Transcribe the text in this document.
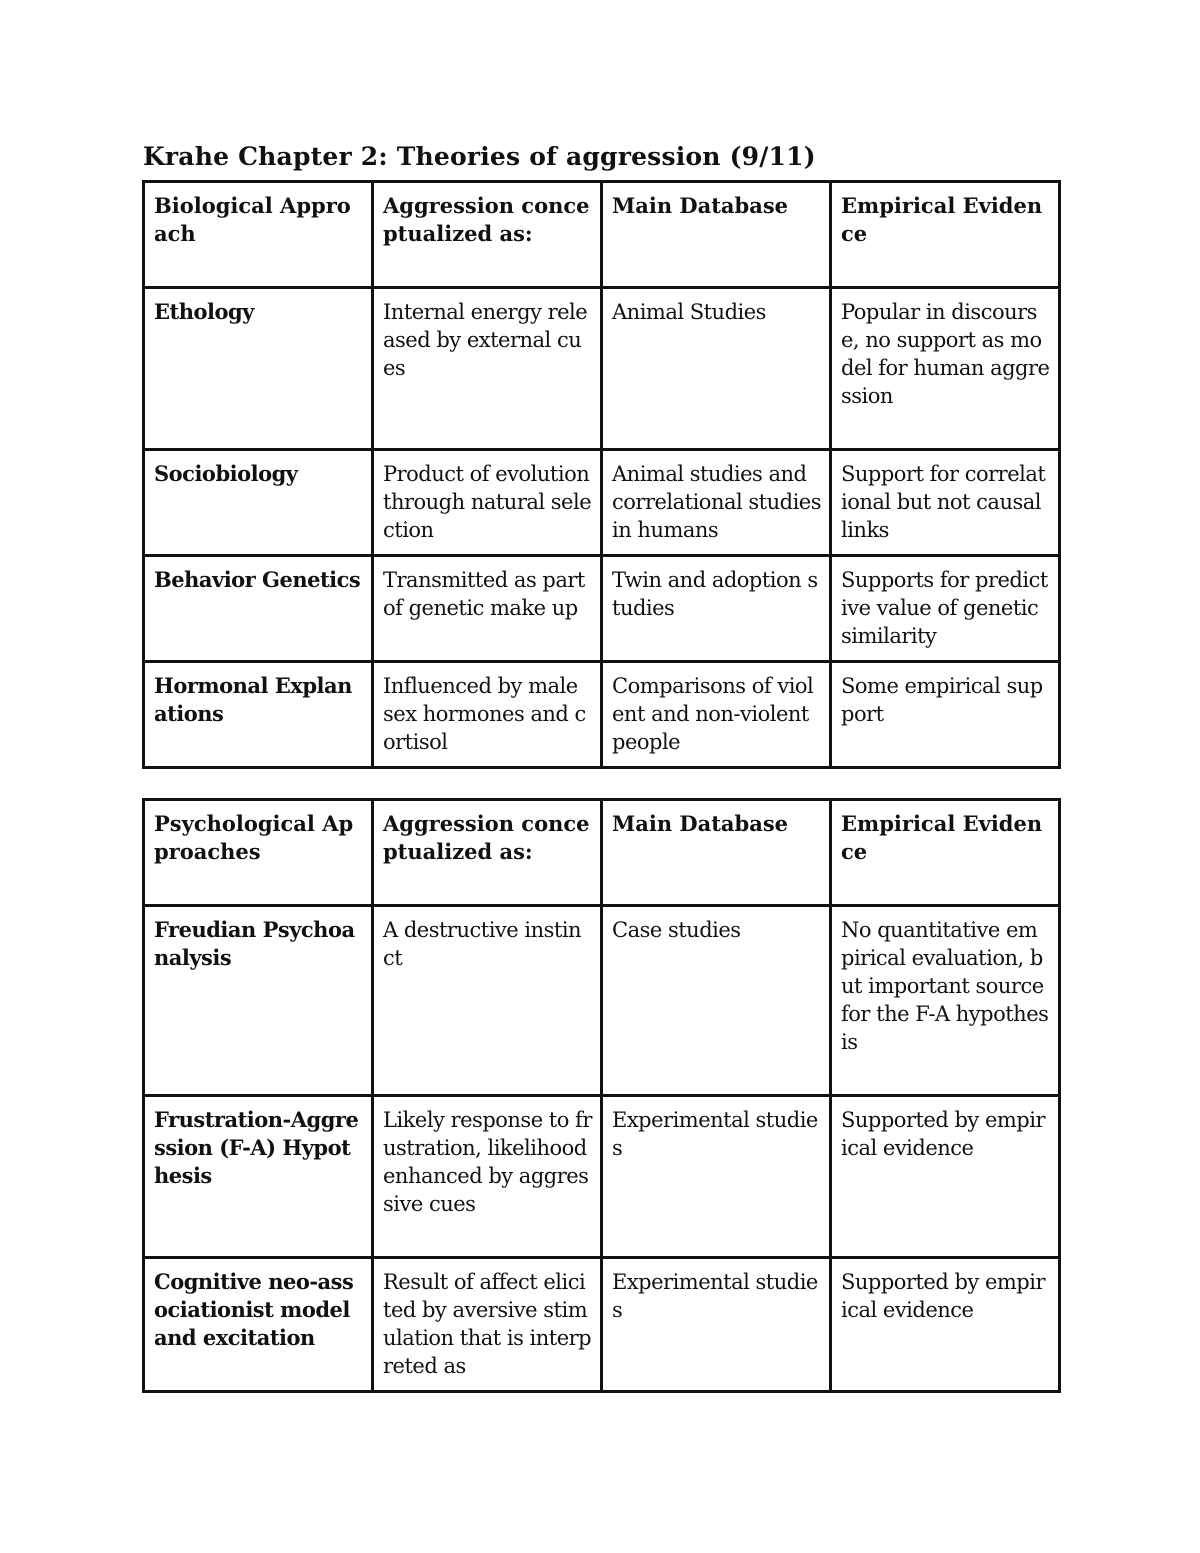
Krahe Chapter 2: Theories of aggression (9/11)
Biological Approach	Aggression conceptualized as:	Main Database	Empirical Evidence
Ethology	Internal energy released by external cues	Animal Studies	Popular in discourse, no support as model for human aggression
Sociobiology	Product of evolution through natural selection	Animal studies and correlational studies in humans	Support for correlational but not causal links
Behavior Genetics	Transmitted as part of genetic make up	Twin and adoption studies	Supports for predictive value of genetic similarity
Hormonal Explanations	Influenced by male sex hormones and cortisol	Comparisons of violent and non-violent people	Some empirical support
Psychological Approaches	Aggression conceptualized as:	Main Database	Empirical Evidence
Freudian Psychoanalysis	A destructive instinct	Case studies	No quantitative empirical evaluation, but important source for the F-A hypothesis
Frustration-Aggression (F-A) Hypothesis	Likely response to frustration, likelihood enhanced by aggressive cues	Experimental studies	Supported by empirical evidence
Cognitive neo-associationist model and excitation	Result of affect elicited by aversive stimulation that is interpreted as	Experimental studies	Supported by empirical evidence
